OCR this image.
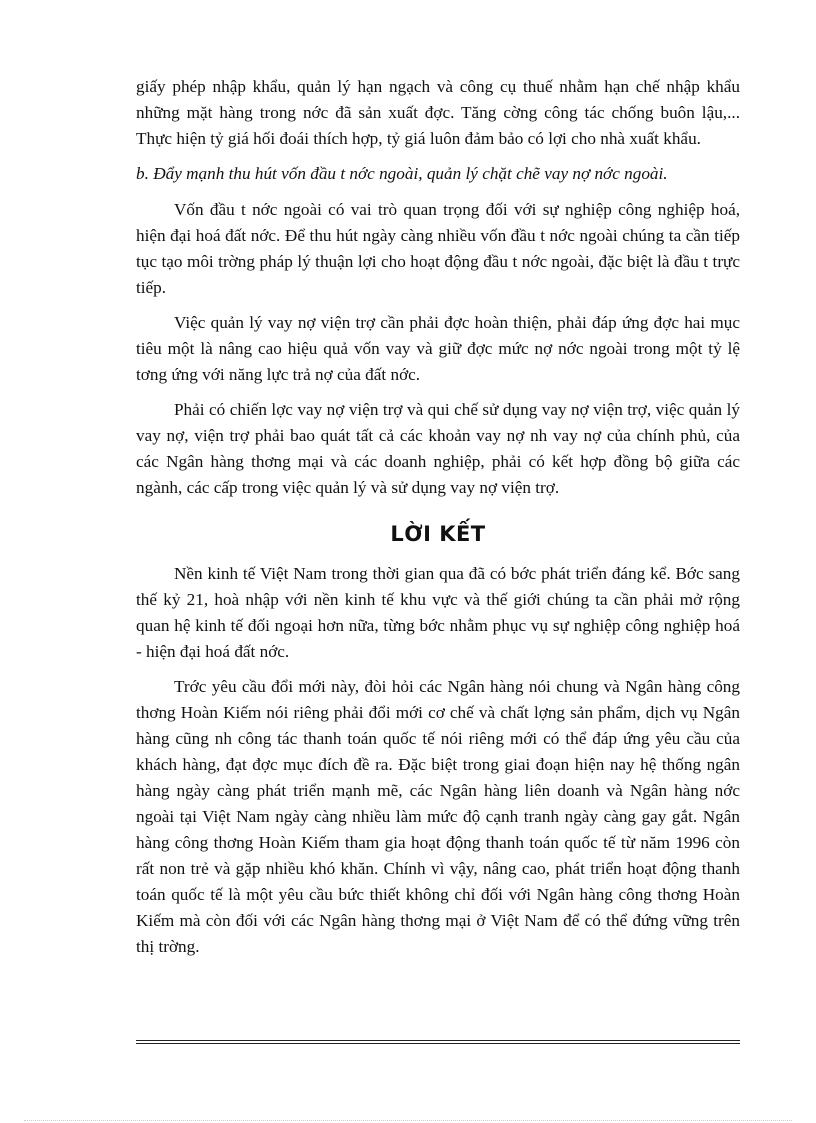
giấy phép nhập khẩu, quản lý hạn ngạch và công cụ thuế nhằm hạn chế nhập khẩu những mặt hàng trong nớc đã sản xuất đợc. Tăng cờng công tác chống buôn lậu,... Thực hiện tỷ giá hối đoái thích hợp, tỷ giá luôn đảm bảo có lợi cho nhà xuất khẩu.

b. Đẩy mạnh thu hút vốn đầu t nớc ngoài, quản lý chặt chẽ vay nợ nớc ngoài.

Vốn đầu t nớc ngoài có vai trò quan trọng đối với sự nghiệp công nghiệp hoá, hiện đại hoá đất nớc. Để thu hút ngày càng nhiều vốn đầu t nớc ngoài chúng ta cần tiếp tục tạo môi trờng pháp lý thuận lợi cho hoạt động đầu t nớc ngoài, đặc biệt là đầu t trực tiếp.

Việc quản lý vay nợ viện trợ cần phải đợc hoàn thiện, phải đáp ứng đợc hai mục tiêu một là nâng cao hiệu quả vốn vay và giữ đợc mức nợ nớc ngoài trong một tỷ lệ tơng ứng với năng lực trả nợ của đất nớc.

Phải có chiến lợc vay nợ viện trợ và qui chế sử dụng vay nợ viện trợ, việc quản lý vay nợ, viện trợ phải bao quát tất cả các khoản vay nợ nh vay nợ của chính phủ, của các Ngân hàng thơng mại và các doanh nghiệp, phải có kết hợp đồng bộ giữa các ngành, các cấp trong việc quản lý và sử dụng vay nợ viện trợ.

LỜI KẾT

Nền kinh tế Việt Nam trong thời gian qua đã có bớc phát triển đáng kể. Bớc sang thế kỷ 21, hoà nhập với nền kinh tế khu vực và thế giới chúng ta cần phải mở rộng quan hệ kinh tế đối ngoại hơn nữa, từng bớc nhằm phục vụ sự nghiệp công nghiệp hoá - hiện đại hoá đất nớc.

Trớc yêu cầu đổi mới này, đòi hỏi các Ngân hàng nói chung và Ngân hàng công thơng Hoàn Kiếm nói riêng phải đổi mới cơ chế và chất lợng sản phẩm, dịch vụ Ngân hàng cũng nh công tác thanh toán quốc tế nói riêng mới có thể đáp ứng yêu cầu của khách hàng, đạt đợc mục đích đề ra. Đặc biệt trong giai đoạn hiện nay hệ thống ngân hàng ngày càng phát triển mạnh mẽ, các Ngân hàng liên doanh và Ngân hàng nớc ngoài tại Việt Nam ngày càng nhiều làm mức độ cạnh tranh ngày càng gay gắt. Ngân hàng công thơng Hoàn Kiếm tham gia hoạt động thanh toán quốc tế từ năm 1996 còn rất non trẻ và gặp nhiều khó khăn. Chính vì vậy, nâng cao, phát triển hoạt động thanh toán quốc tế là một yêu cầu bức thiết không chỉ đối với Ngân hàng công thơng Hoàn Kiếm mà còn đối với các Ngân hàng thơng mại ở Việt Nam để có thể đứng vững trên thị trờng.
